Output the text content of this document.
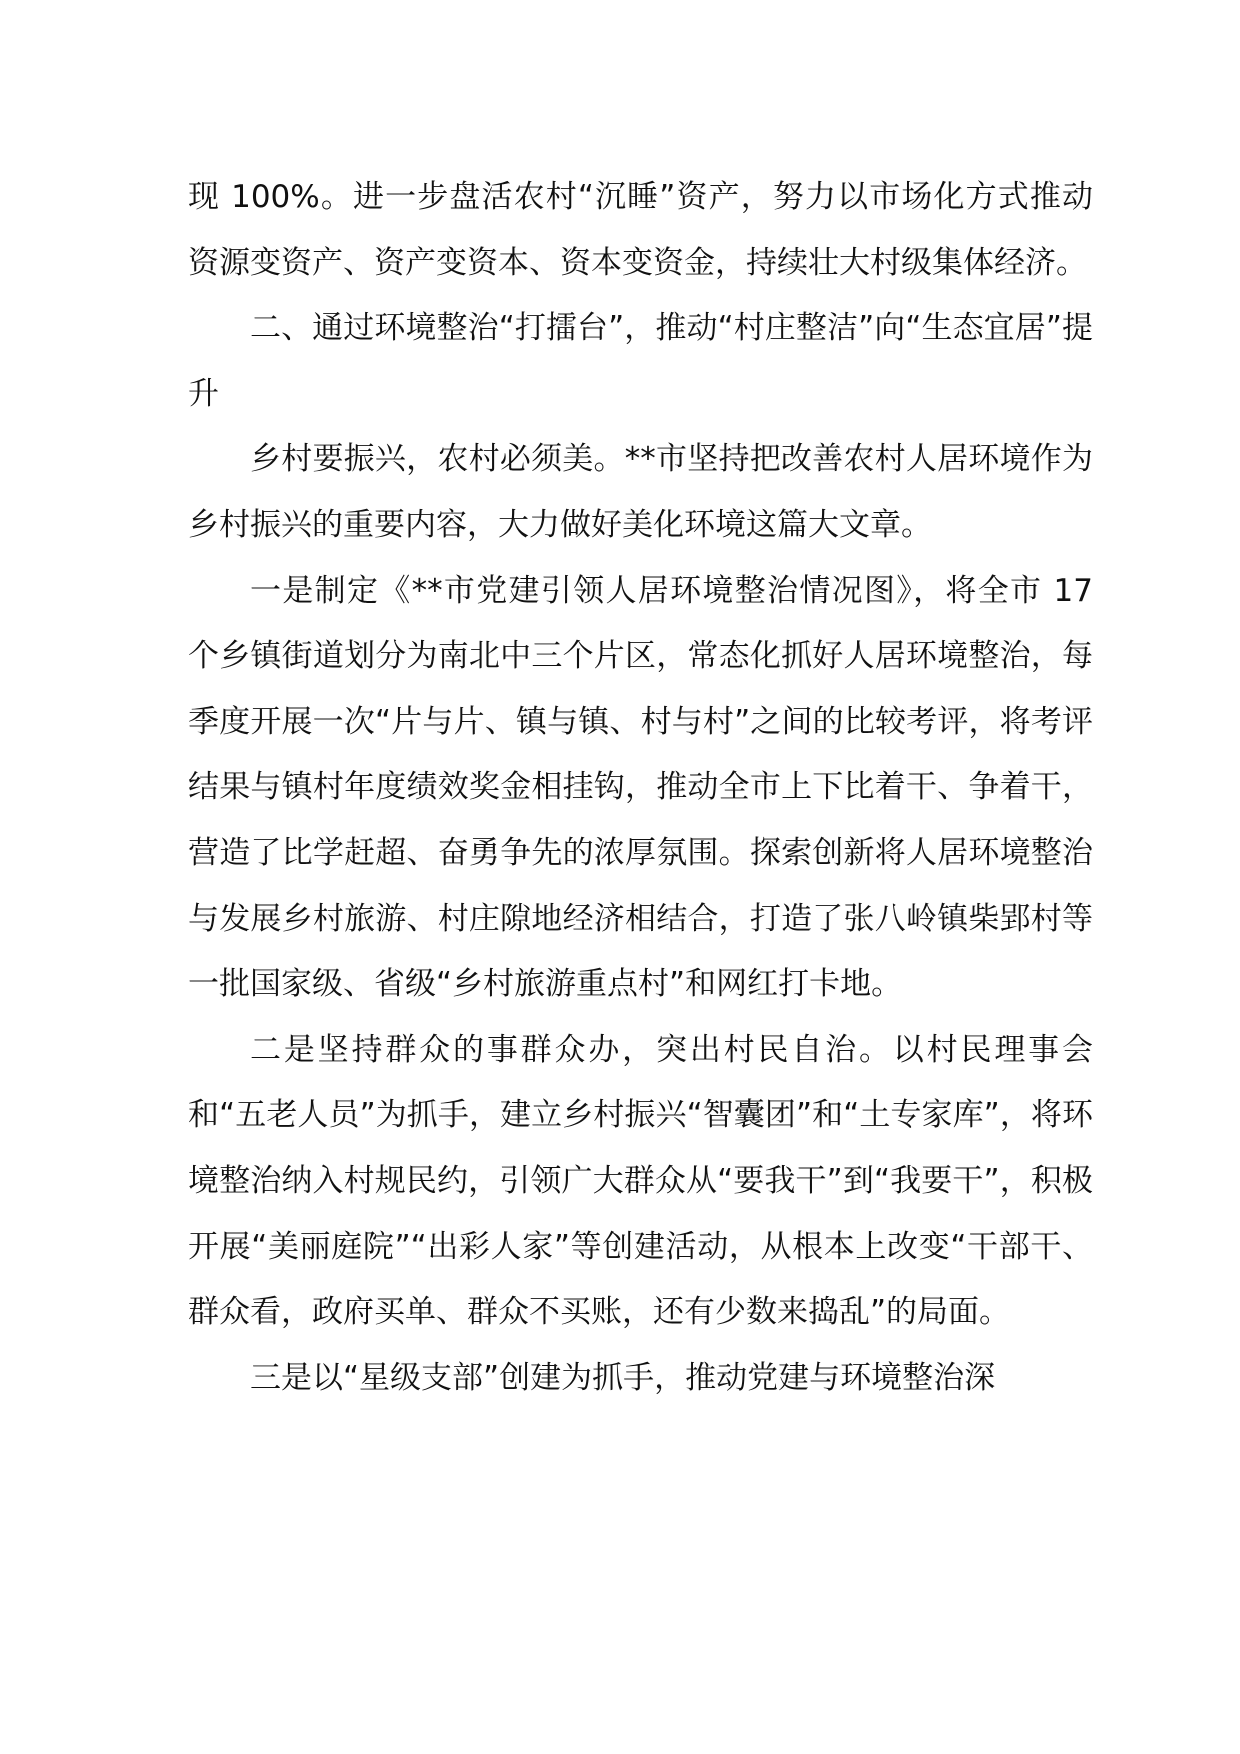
现 100%。进一步盘活农村“沉睡”资产，努力以市场化方式推动资源变资产、资产变资本、资本变资金，持续壮大村级集体经济。

二、通过环境整治“打擂台”，推动“村庄整洁”向“生态宜居”提升

乡村要振兴，农村必须美。**市坚持把改善农村人居环境作为乡村振兴的重要内容，大力做好美化环境这篇大文章。

一是制定《**市党建引领人居环境整治情况图》，将全市 17 个乡镇街道划分为南北中三个片区，常态化抓好人居环境整治，每季度开展一次“片与片、镇与镇、村与村”之间的比较考评，将考评结果与镇村年度绩效奖金相挂钩，推动全市上下比着干、争着干，营造了比学赶超、奋勇争先的浓厚氛围。探索创新将人居环境整治与发展乡村旅游、村庄隙地经济相结合，打造了张八岭镇柴郢村等一批国家级、省级“乡村旅游重点村”和网红打卡地。

二是坚持群众的事群众办，突出村民自治。以村民理事会和“五老人员”为抓手，建立乡村振兴“智囊团”和“土专家库”，将环境整治纳入村规民约，引领广大群众从“要我干”到“我要干”，积极开展“美丽庭院”“出彩人家”等创建活动，从根本上改变“干部干、群众看，政府买单、群众不买账，还有少数来捣乱”的局面。

三是以“星级支部”创建为抓手，推动党建与环境整治深
